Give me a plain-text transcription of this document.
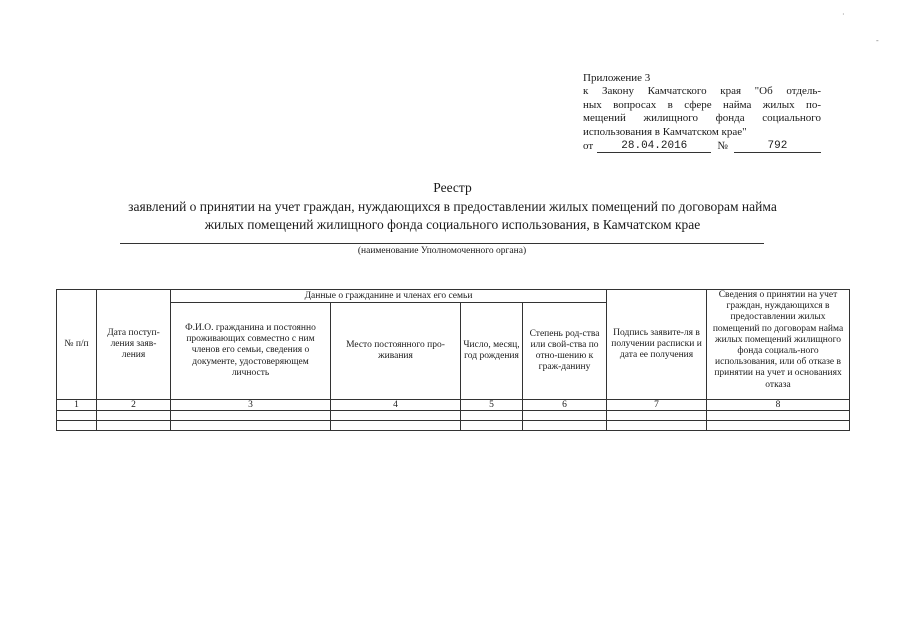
·
-
Приложение 3
к Закону Камчатского края "Об отдель-
ных вопросах в сфере найма жилых по-
мещений жилищного фонда социального
использования в Камчатском крае"
от	28.04.2016	№	792
Реестр
заявлений о принятии на учет граждан, нуждающихся в предоставлении жилых помещений по договорам найма
жилых помещений жилищного фонда социального использования, в Камчатском крае
(наименование Уполномоченного органа)
№ п/п	Дата поступ-ления заяв-ления	Данные о гражданине и членах его семьи				Подпись заявите-ля в получении расписки и дата ее получения	Сведения о принятии на учет граждан, нуждающихся в предоставлении жилых помещений по договорам найма жилых помещений жилищного фонда социаль-ного использования, или об отказе в принятии на учет и основаниях отказа
		Ф.И.О. гражданина и постоянно проживающих совместно с ним членов его семьи, сведения о документе, удостоверяющем личность	Место постоянного про-живания	Число, месяц, год рождения	Степень род-ства или свой-ства по отно-шению к граж-данину		
1	2	3	4	5	6	7	8
